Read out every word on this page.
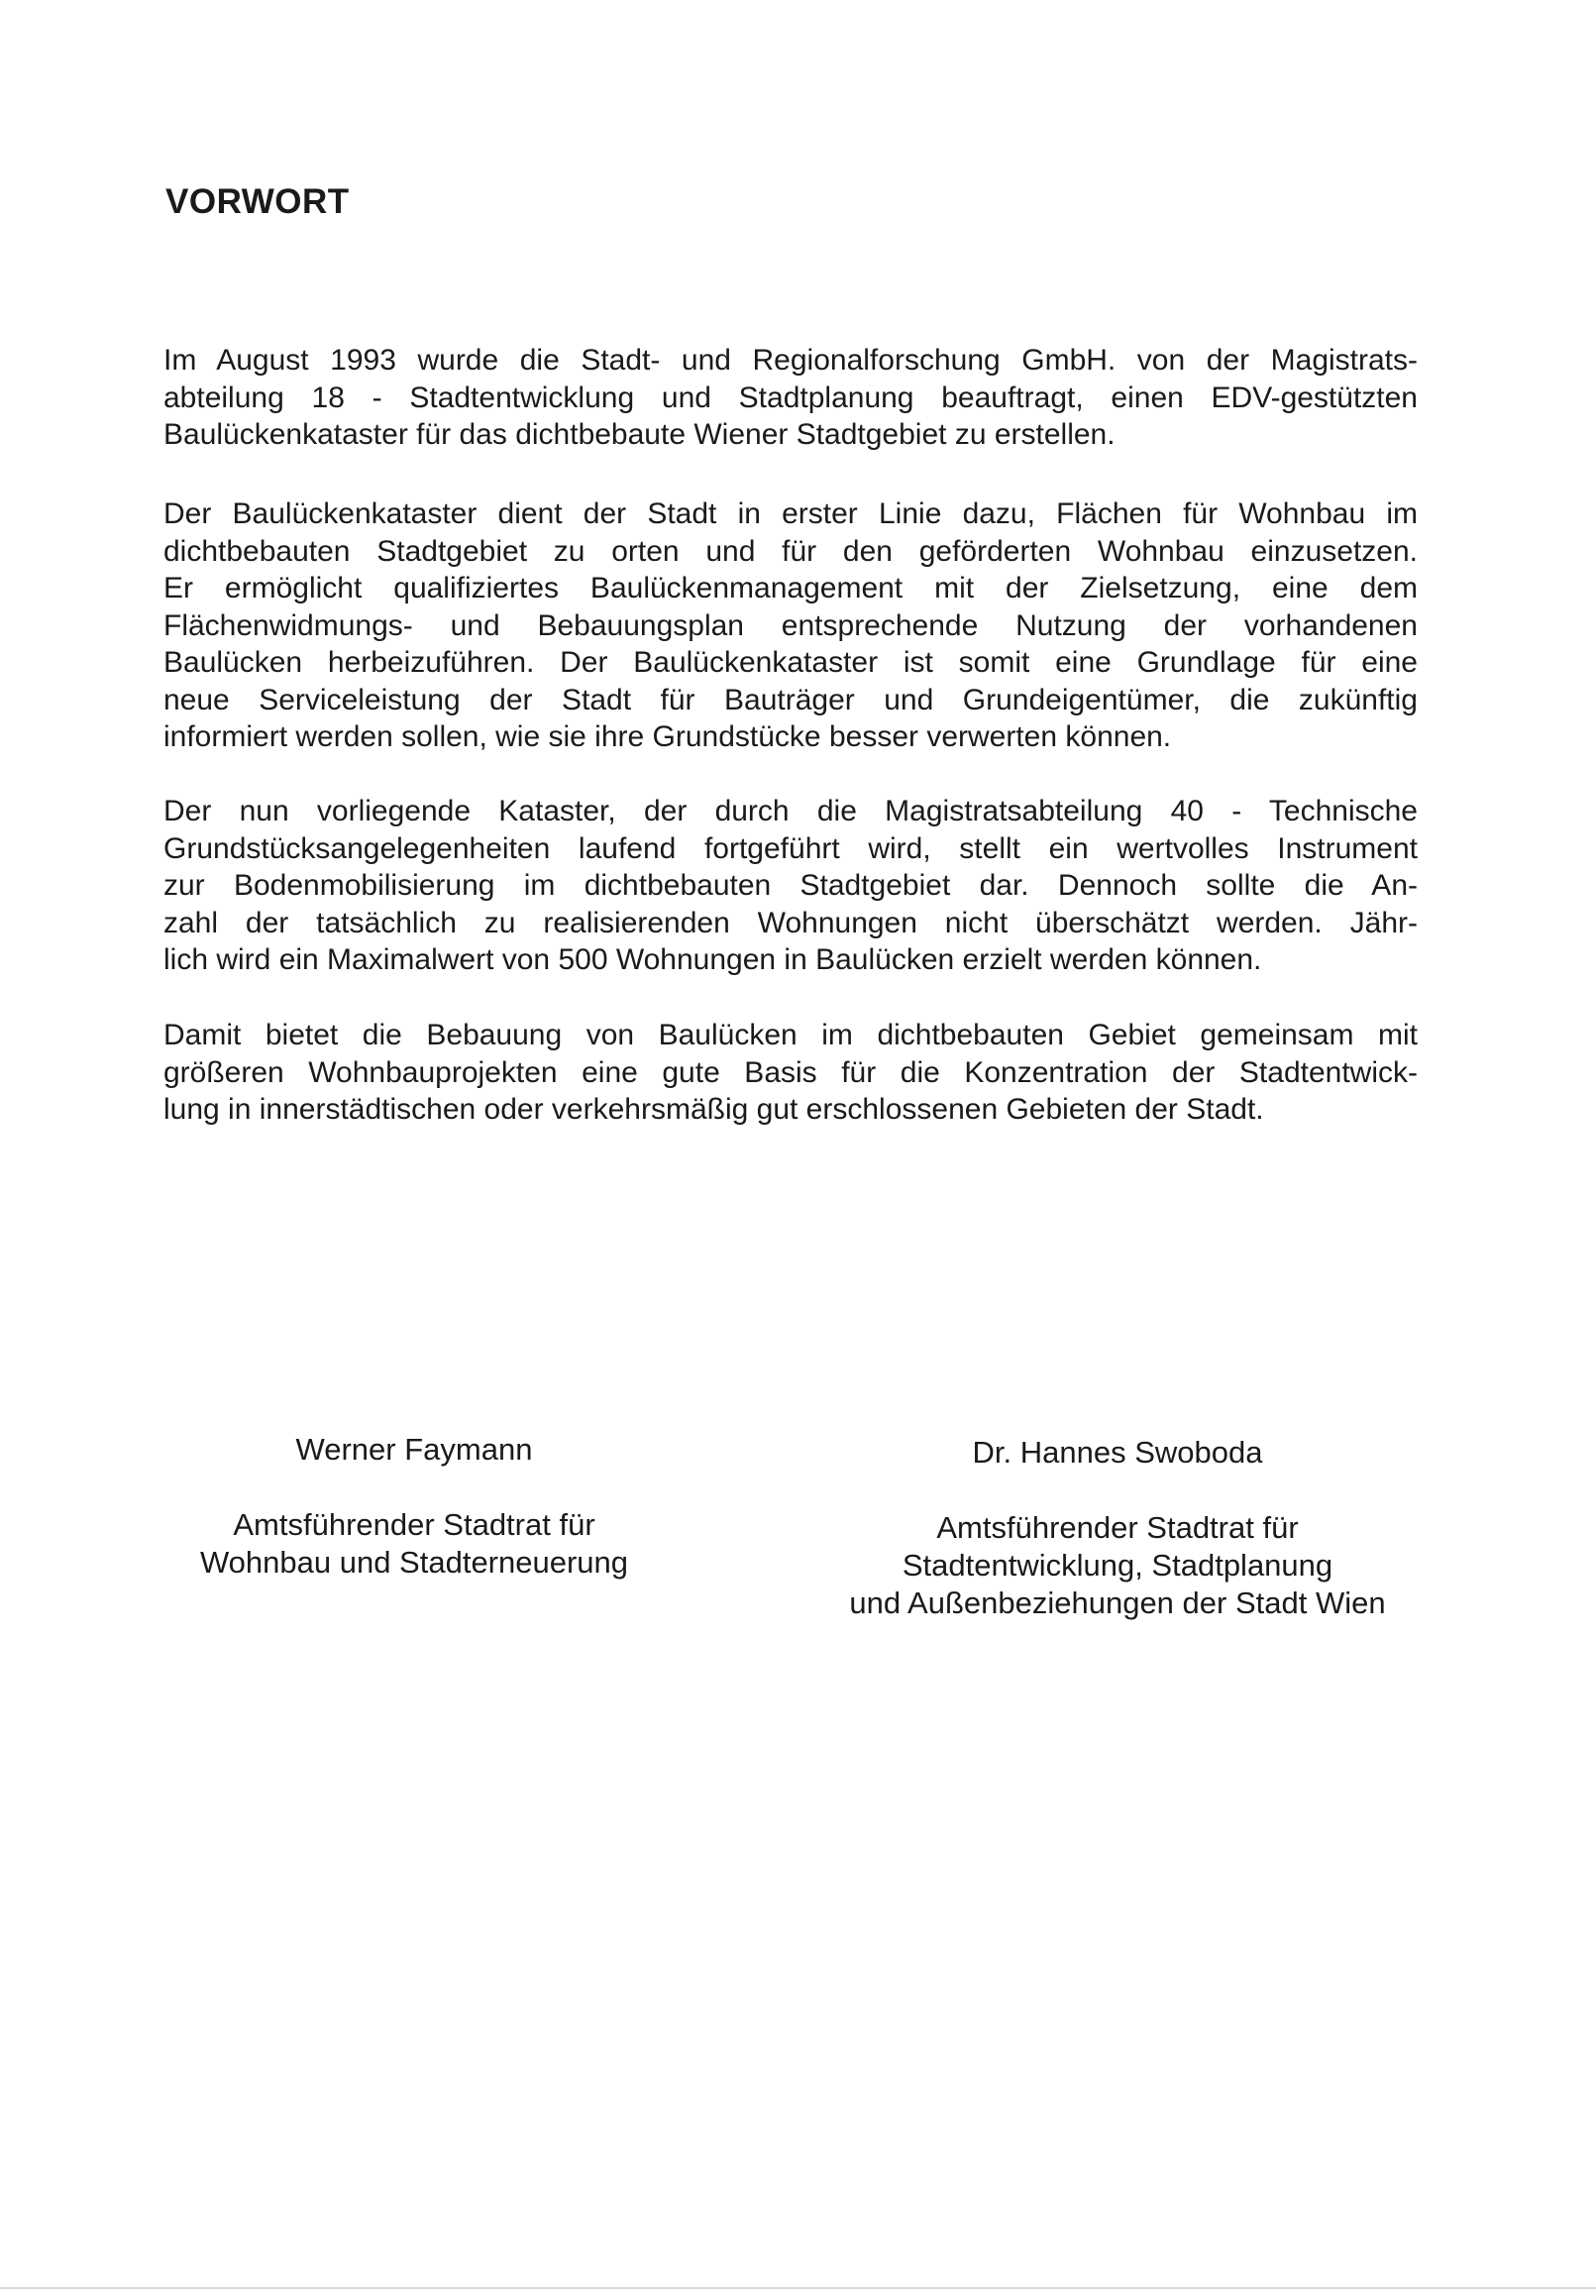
VORWORT
Im August 1993 wurde die Stadt- und Regionalforschung GmbH. von der Magistrats-
abteilung 18 - Stadtentwicklung und Stadtplanung beauftragt, einen EDV-gestützten
Baulückenkataster für das dichtbebaute Wiener Stadtgebiet zu erstellen.
Der Baulückenkataster dient der Stadt in erster Linie dazu, Flächen für Wohnbau im
dichtbebauten Stadtgebiet zu orten und für den geförderten Wohnbau einzusetzen.
Er ermöglicht qualifiziertes Baulückenmanagement mit der Zielsetzung, eine dem
Flächenwidmungs- und Bebauungsplan entsprechende Nutzung der vorhandenen
Baulücken herbeizuführen. Der Baulückenkataster ist somit eine Grundlage für eine
neue Serviceleistung der Stadt für Bauträger und Grundeigentümer, die zukünftig
informiert werden sollen, wie sie ihre Grundstücke besser verwerten können.
Der nun vorliegende Kataster, der durch die Magistratsabteilung 40 - Technische
Grundstücksangelegenheiten laufend fortgeführt wird, stellt ein wertvolles Instrument
zur Bodenmobilisierung im dichtbebauten Stadtgebiet dar. Dennoch sollte die An-
zahl der tatsächlich zu realisierenden Wohnungen nicht überschätzt werden. Jähr-
lich wird ein Maximalwert von 500 Wohnungen in Baulücken erzielt werden können.
Damit bietet die Bebauung von Baulücken im dichtbebauten Gebiet gemeinsam mit
größeren Wohnbauprojekten eine gute Basis für die Konzentration der Stadtentwick-
lung in innerstädtischen oder verkehrsmäßig gut erschlossenen Gebieten der Stadt.
Werner Faymann
Amtsführender Stadtrat für
Wohnbau und Stadterneuerung
Dr. Hannes Swoboda
Amtsführender Stadtrat für
Stadtentwicklung, Stadtplanung
und Außenbeziehungen der Stadt Wien
